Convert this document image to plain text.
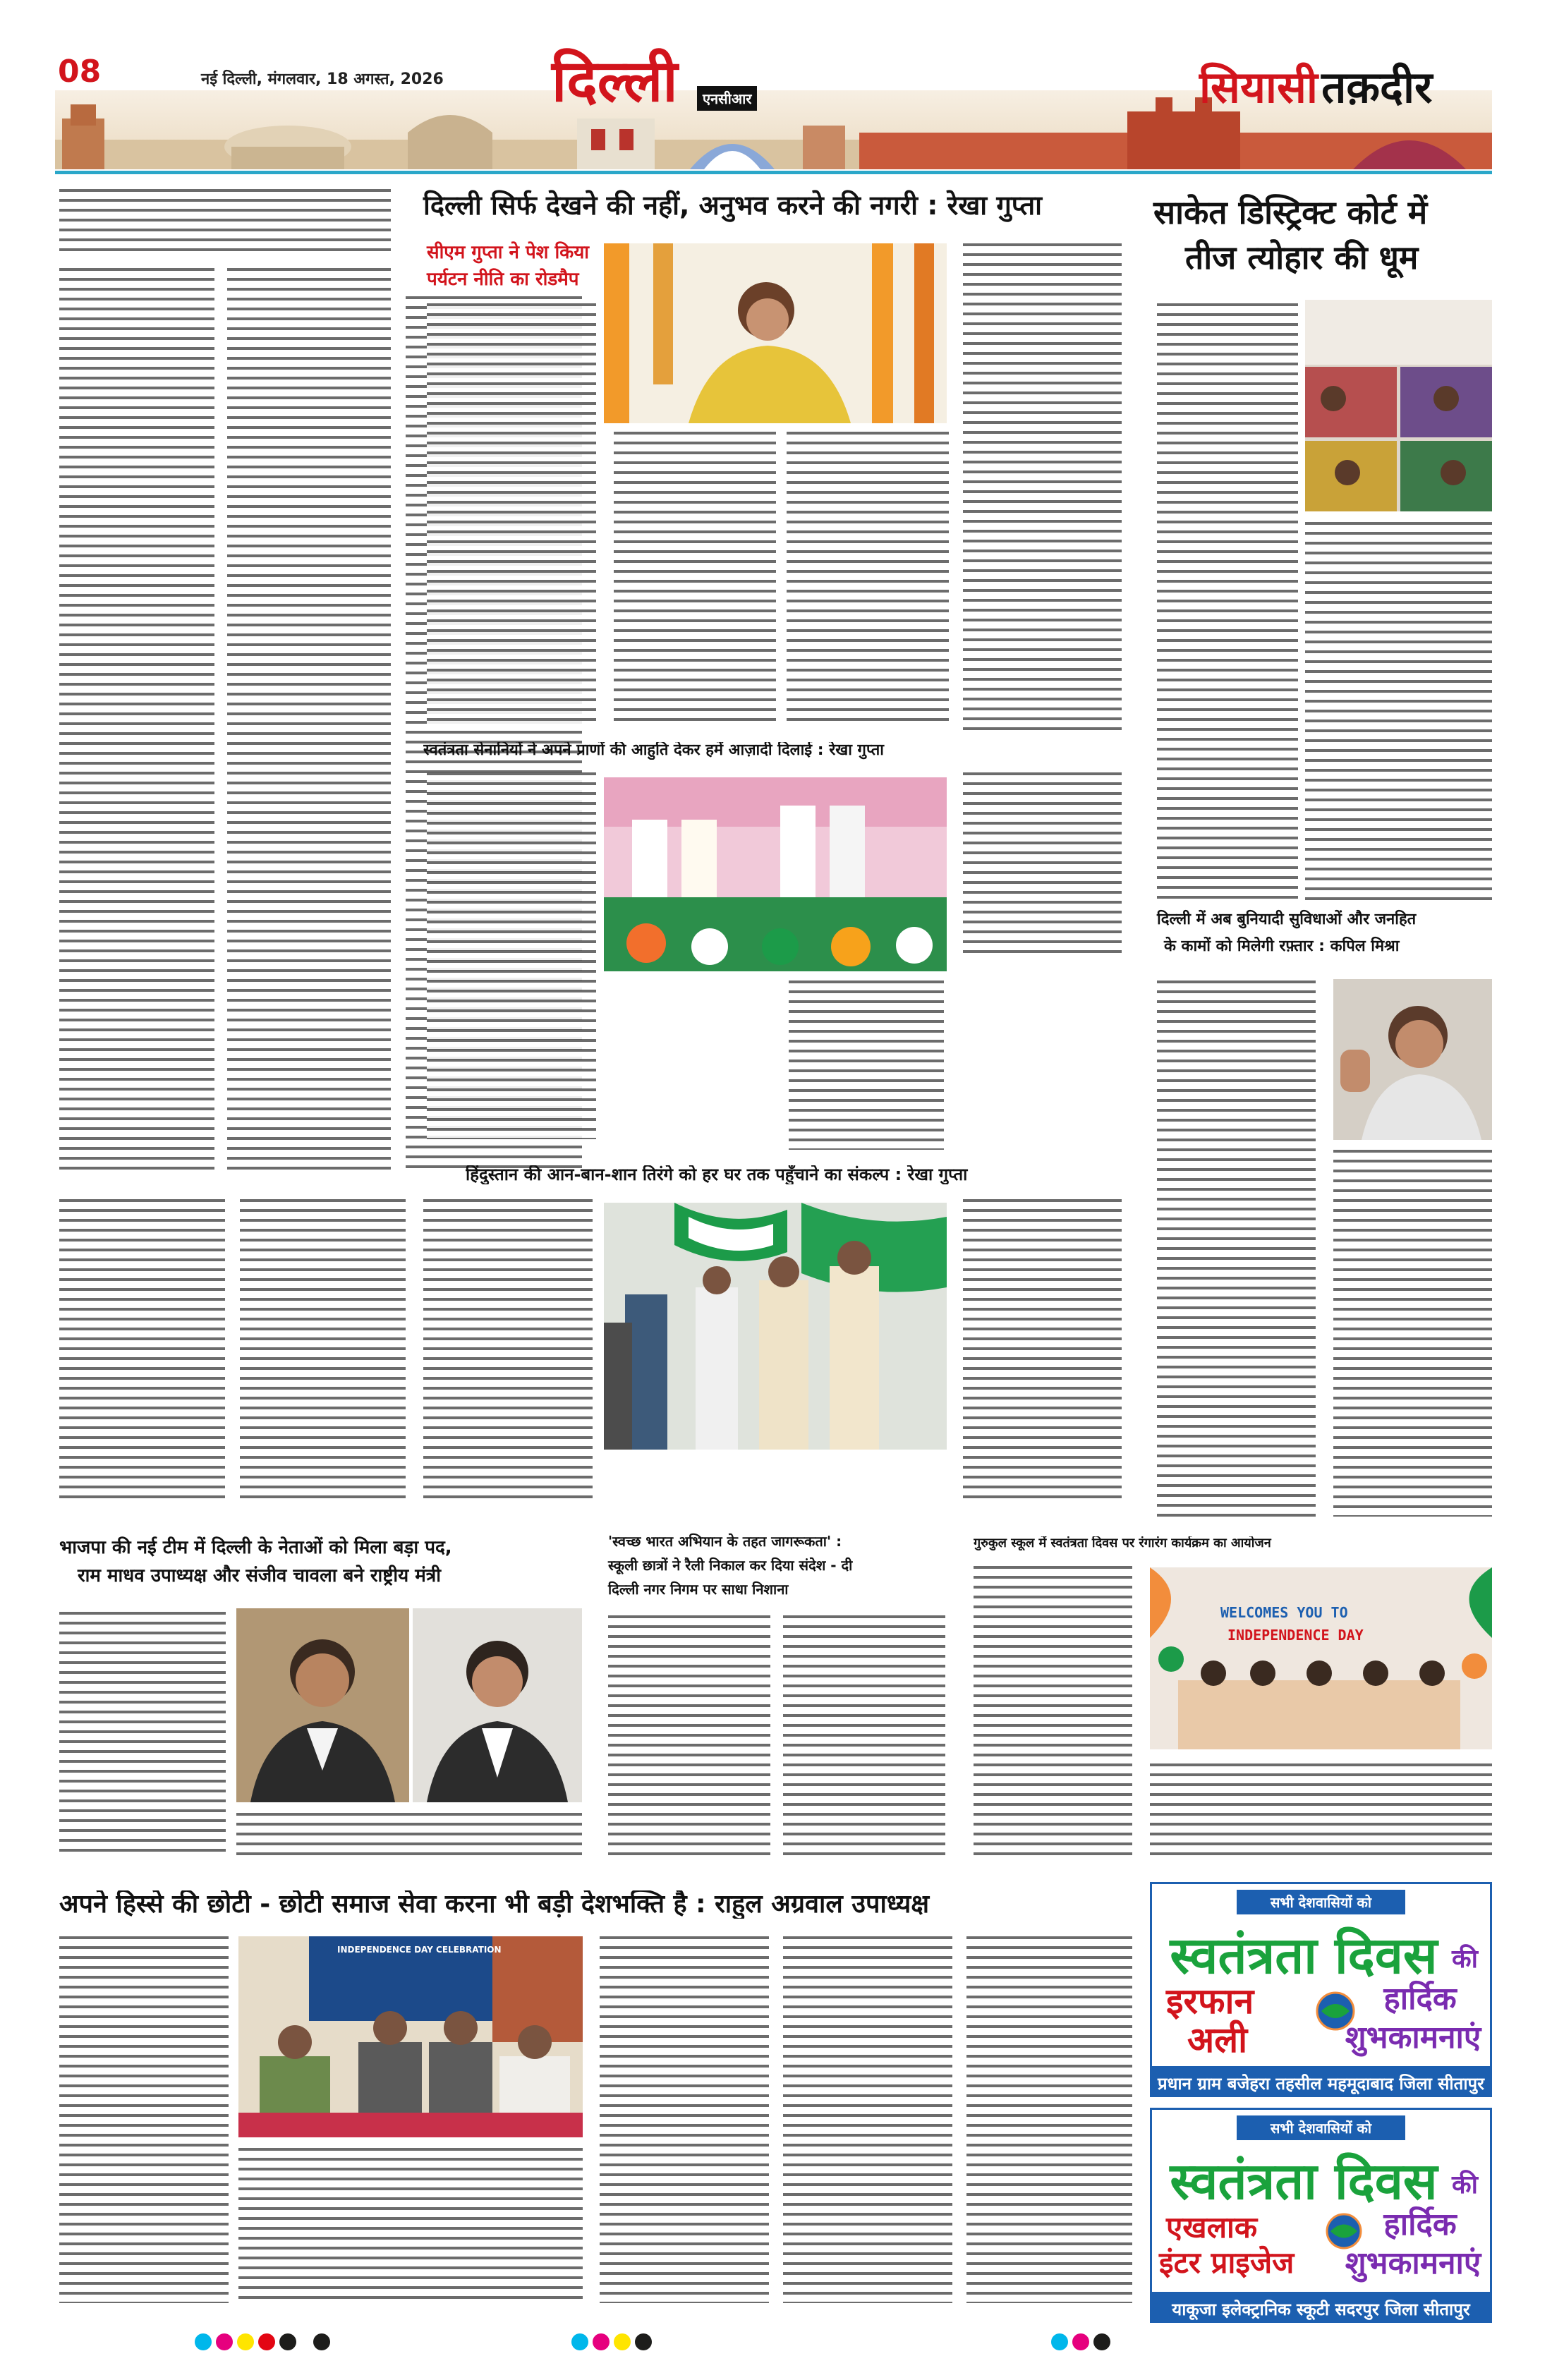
08	नई दिल्ली, मंगलवार, 18 अगस्त, 2026 दिल्ली	एनसीआर	सियासी तक़दीर
दिल्ली सिर्फ देखने की नहीं, अनुभव करने की नगरी : रेखा गुप्ता
सीएम गुप्ता ने पेश किया
पर्यटन नीति का रोडमैप
साकेत डिस्ट्रिक्ट कोर्ट में
तीज त्योहार की धूम
स्वतंत्रता सेनानियों ने अपने प्राणों की आहुति देकर हमें आज़ादी दिलाई : रेखा गुप्ता
दिल्ली में अब बुनियादी सुविधाओं और जनहित
के कामों को मिलेगी रफ़्तार : कपिल मिश्रा
हिंदुस्तान की आन-बान-शान तिरंगे को हर घर तक पहुँचाने का संकल्प : रेखा गुप्ता
भाजपा की नई टीम में दिल्ली के नेताओं को मिला बड़ा पद,
राम माधव उपाध्यक्ष और संजीव चावला बने राष्ट्रीय मंत्री
'स्वच्छ भारत अभियान के तहत जागरूकता' :
स्कूली छात्रों ने रैली निकाल कर दिया संदेश - दी
दिल्ली नगर निगम पर साधा निशाना
गुरुकुल स्कूल में स्वतंत्रता दिवस पर रंगारंग कार्यक्रम का आयोजन
WELCOMES YOU TO
INDEPENDENCE DAY
अपने हिस्से की छोटी - छोटी समाज सेवा करना भी बड़ी देशभक्ति है : राहुल अग्रवाल उपाध्यक्ष
INDEPENDENCE DAY CELEBRATION
सभी देशवासियों को
स्वतंत्रता दिवस की
इरफान
अली
हार्दिक
शुभकामनाएं
प्रधान ग्राम बजेहरा तहसील महमूदाबाद जिला सीतापुर
सभी देशवासियों को
स्वतंत्रता दिवस की
एखलाक
इंटर प्राइजेज
हार्दिक
शुभकामनाएं
याकूजा इलेक्ट्रानिक स्कूटी सदरपुर जिला सीतापुर
